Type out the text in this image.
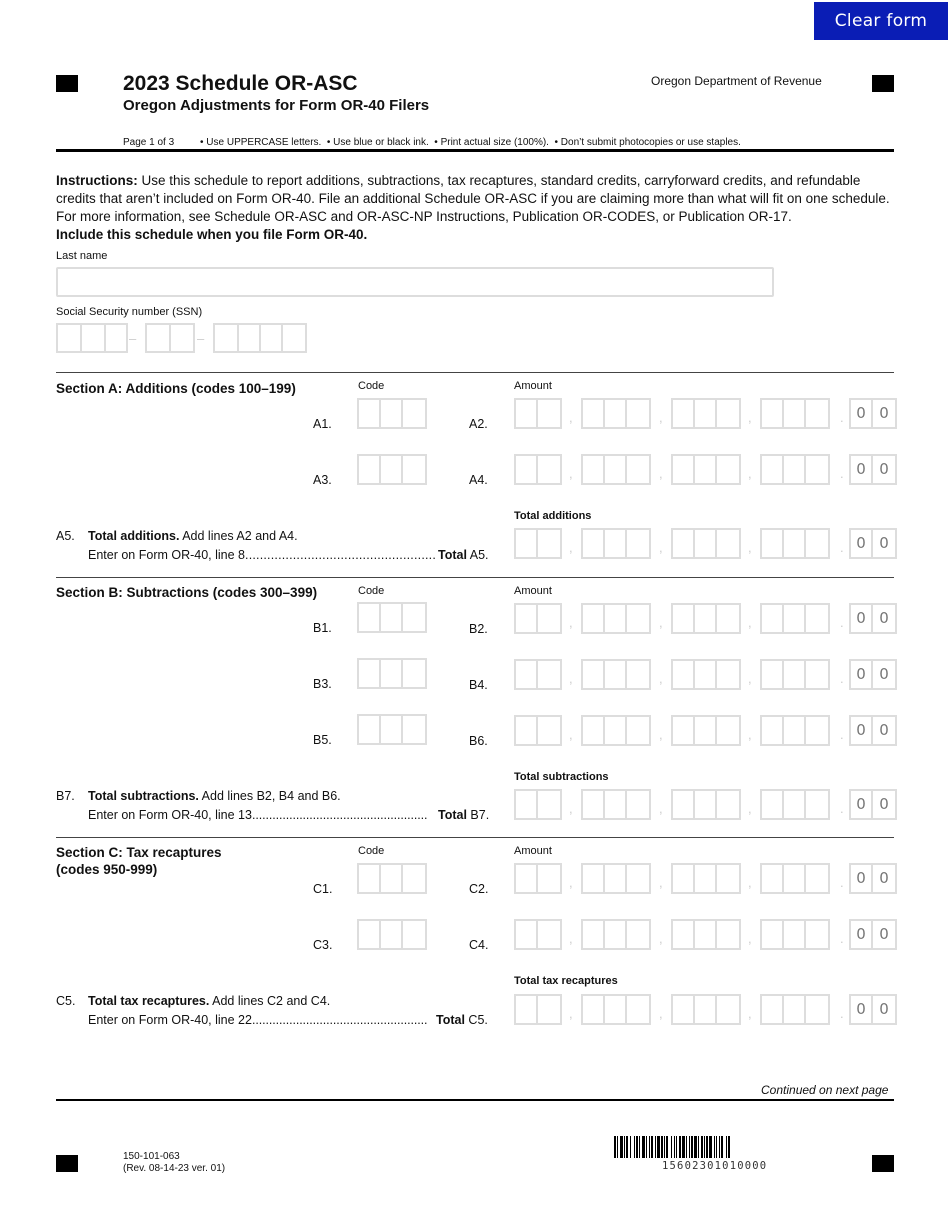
Clear form
2023 Schedule OR-ASC
Oregon Adjustments for Form OR-40 Filers
Oregon Department of Revenue
Page 1 of 3	• Use UPPERCASE letters.  • Use blue or black ink.  • Print actual size (100%).  • Don’t submit photocopies or use staples.
Instructions: Use this schedule to report additions, subtractions, tax recaptures, standard credits, carryforward credits, and refundable credits that aren’t included on Form OR-40. File an additional Schedule OR-ASC if you are claiming more than what will fit on one schedule. For more information, see Schedule OR-ASC and OR-ASC-NP Instructions, Publication OR-CODES, or Publication OR-17.
Include this schedule when you file Form OR-40.
Last name
Social Security number (SSN)
–	–
Section A: Additions (codes 100–199)	Code	Amount
A1.	A2.	,	,	,	. 0 0
A3.	A4.	,	,	,	. 0 0
Total additions
A5. Total additions. Add lines A2 and A4.
Enter on Form OR-40, line 8.................................................... Total A5.	,	,	,	. 0 0
Section B: Subtractions (codes 300–399)	Code	Amount
B1.	B2.	,	,	,	. 0 0
B3.	B4.	,	,	,	. 0 0
B5.	B6.	,	,	,	. 0 0
Total subtractions
B7. Total subtractions. Add lines B2, B4 and B6.
Enter on Form OR-40, line 13.................................................... Total B7.	,	,	,	. 0 0
Section C: Tax recaptures
(codes 950-999)
Code	Amount
C1.	C2.	,	,	,	. 0 0
C3.	C4.	,	,	,	. 0 0
Total tax recaptures
C5. Total tax recaptures. Add lines C2 and C4.
Enter on Form OR-40, line 22.................................................... Total C5.	,	,	,	. 0 0
Continued on next page
150-101-063
(Rev. 08-14-23 ver. 01)	15602301010000
